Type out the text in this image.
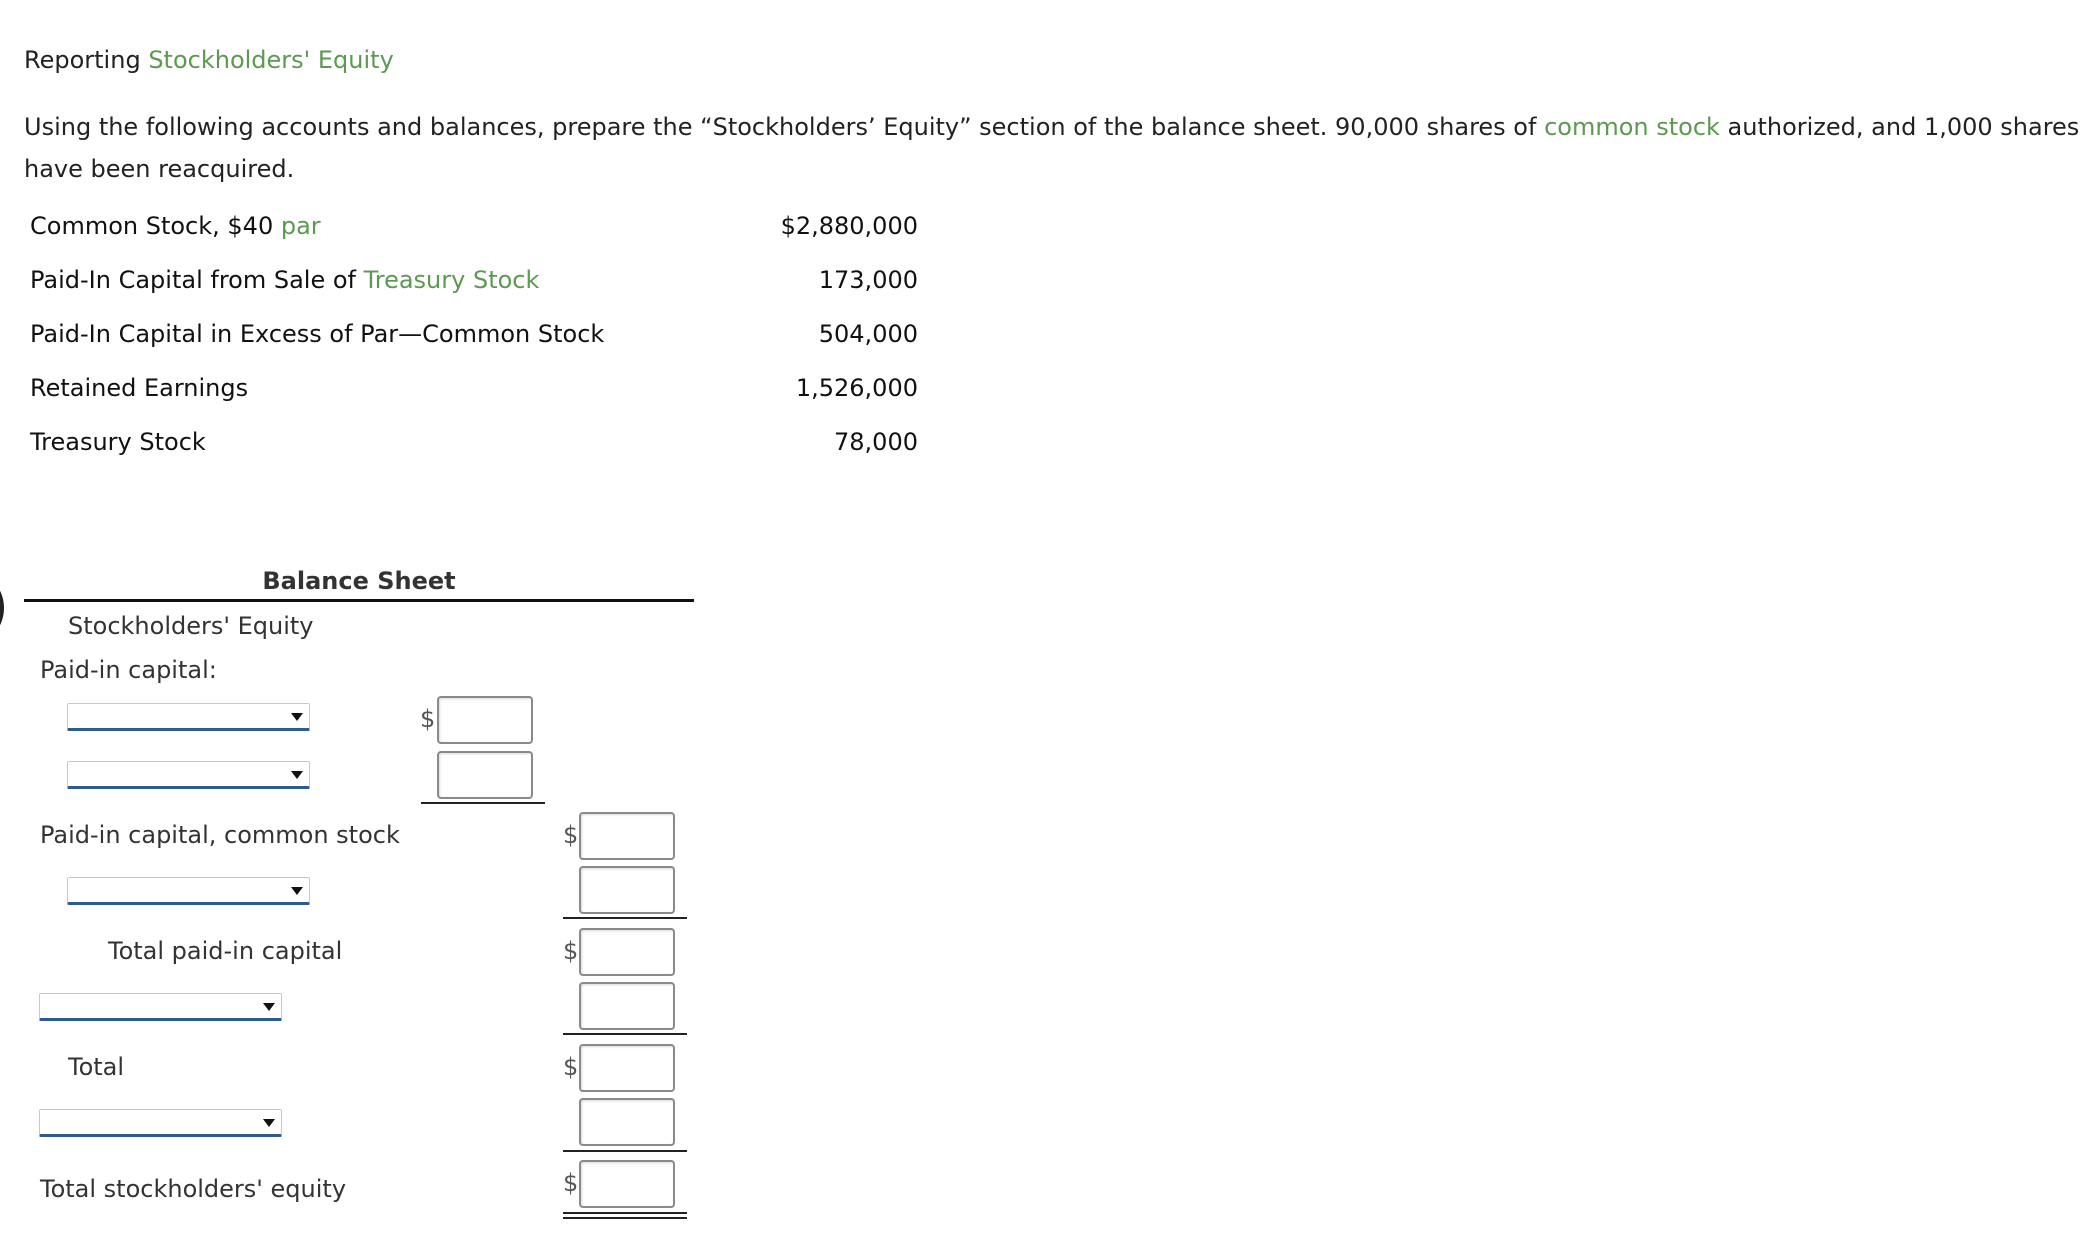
Reporting Stockholders' Equity
Using the following accounts and balances, prepare the “Stockholders’ Equity” section of the balance sheet. 90,000 shares of common stock authorized, and 1,000 shares have been reacquired.
Common Stock, $40 par	$2,880,000
Paid-In Capital from Sale of Treasury Stock	173,000
Paid-In Capital in Excess of Par—Common Stock	504,000
Retained Earnings	1,526,000
Treasury Stock	78,000
Balance Sheet
Stockholders' Equity
Paid-in capital:
$
Paid-in capital, common stock	$
Total paid-in capital	$
Total	$
Total stockholders' equity	$
